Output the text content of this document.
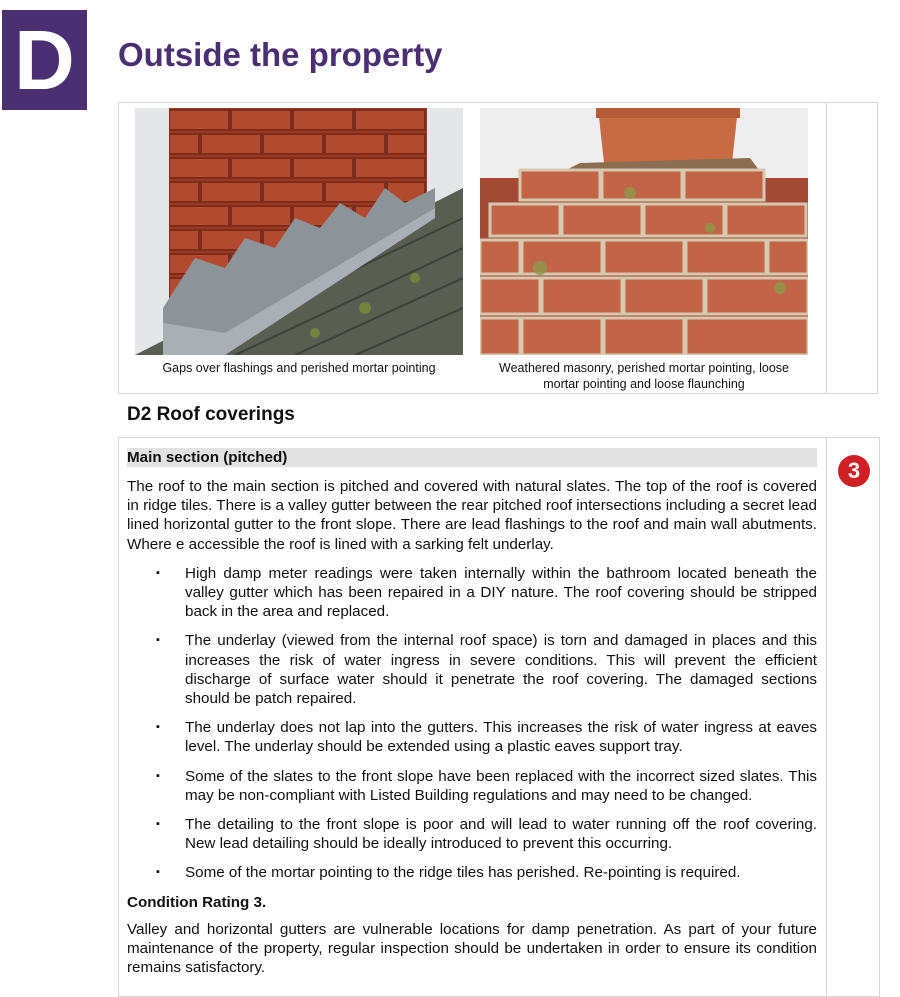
D	Outside the property
Gaps over flashings and perished mortar pointing	Weathered masonry, perished mortar pointing, loose mortar pointing and loose flaunching
D2 Roof coverings
3
Main section (pitched)

The roof to the main section is pitched and covered with natural slates. The top of the roof is covered in ridge tiles. There is a valley gutter between the rear pitched roof intersections including a secret lead lined horizontal gutter to the front slope. There are lead flashings to the roof and main wall abutments. Where e accessible the roof is lined with a sarking felt underlay.

▪ High damp meter readings were taken internally within the bathroom located beneath the valley gutter which has been repaired in a DIY nature. The roof covering should be stripped back in the area and replaced.
▪ The underlay (viewed from the internal roof space) is torn and damaged in places and this increases the risk of water ingress in severe conditions. This will prevent the efficient discharge of surface water should it penetrate the roof covering. The damaged sections should be patch repaired.
▪ The underlay does not lap into the gutters. This increases the risk of water ingress at eaves level. The underlay should be extended using a plastic eaves support tray.
▪ Some of the slates to the front slope have been replaced with the incorrect sized slates. This may be non-compliant with Listed Building regulations and may need to be changed.
▪ The detailing to the front slope is poor and will lead to water running off the roof covering. New lead detailing should be ideally introduced to prevent this occurring.
▪ Some of the mortar pointing to the ridge tiles has perished. Re-pointing is required.

Condition Rating 3.

Valley and horizontal gutters are vulnerable locations for damp penetration. As part of your future maintenance of the property, regular inspection should be undertaken in order to ensure its condition remains satisfactory.
